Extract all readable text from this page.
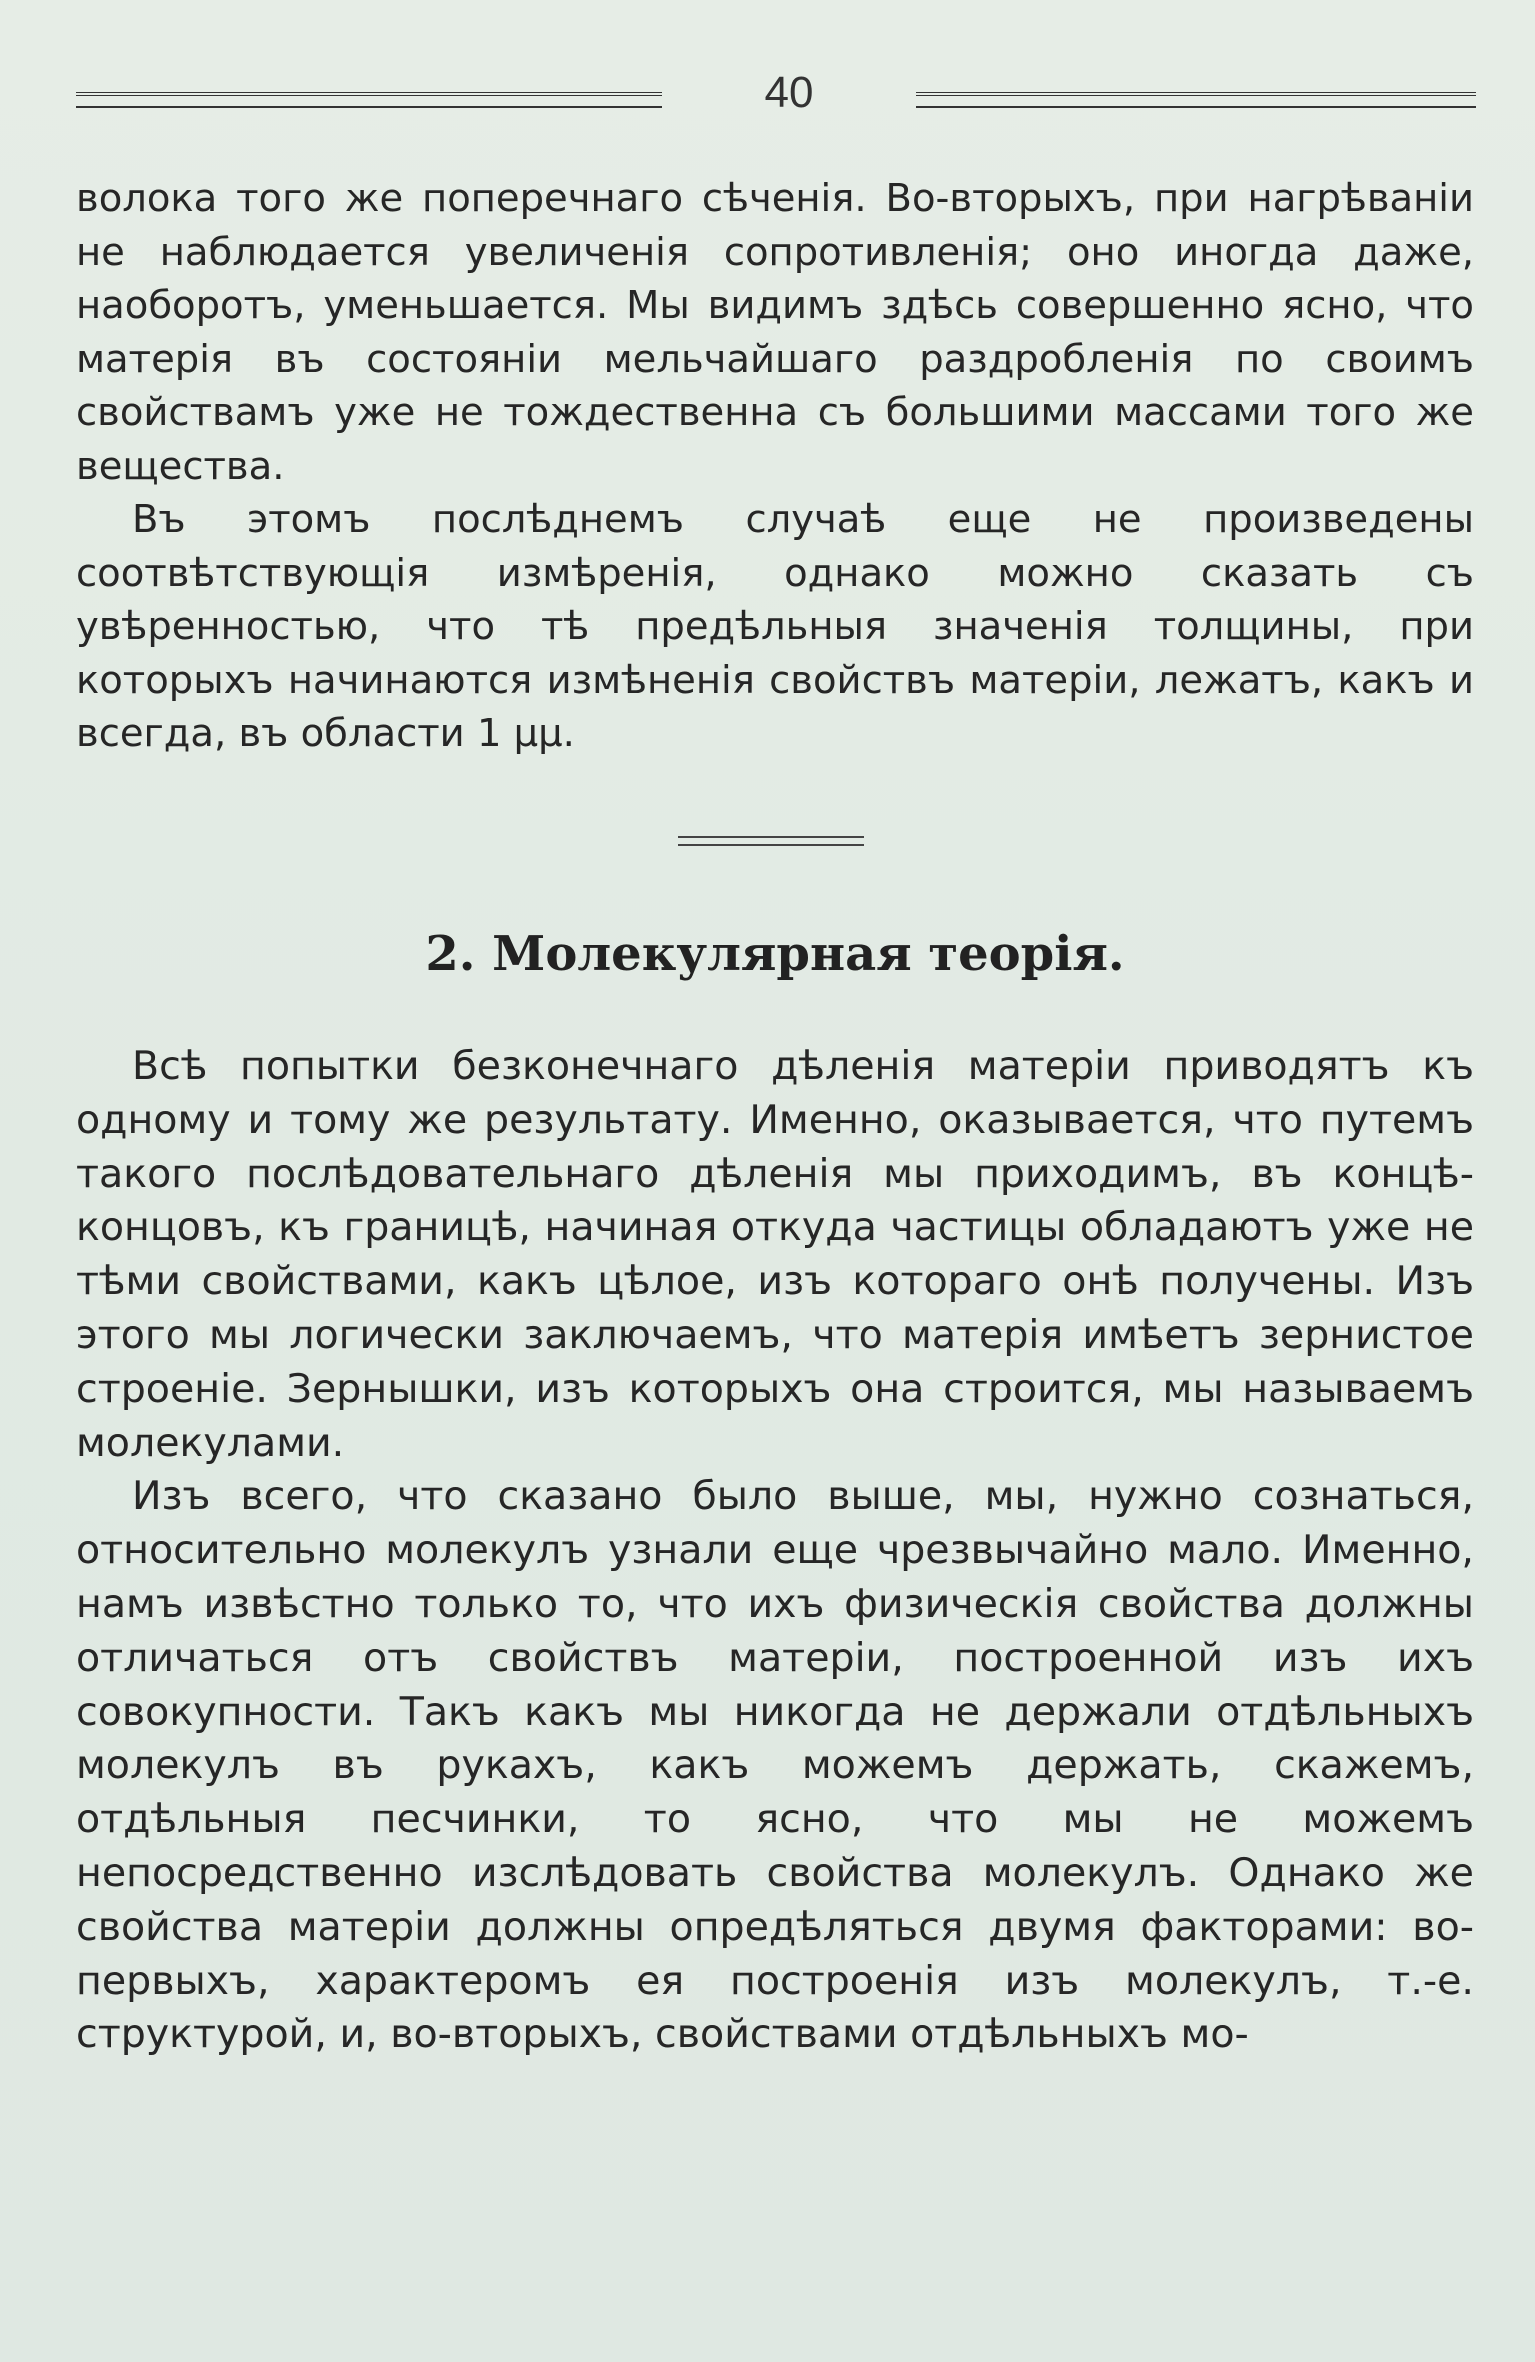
40

волока того же поперечнаго сѣченія. Во-вторыхъ, при нагрѣваніи не наблюдается увеличенія сопротивленія; оно иногда даже, наоборотъ, уменьшается. Мы видимъ здѣсь совершенно ясно, что матерія въ состояніи мельчайшаго раздробленія по своимъ свойствамъ уже не тождественна съ большими массами того же вещества.

Въ этомъ послѣднемъ случаѣ еще не произведены соотвѣтствующія измѣренія, однако можно сказать съ увѣренностью, что тѣ предѣльныя значенія толщины, при которыхъ начинаются измѣненія свойствъ матеріи, лежатъ, какъ и всегда, въ области 1 μμ.

2. Молекулярная теорія.

Всѣ попытки безконечнаго дѣленія матеріи приводятъ къ одному и тому же результату. Именно, оказывается, что путемъ такого послѣдовательнаго дѣленія мы приходимъ, въ концѣ-концовъ, къ границѣ, начиная откуда частицы обладаютъ уже не тѣми свойствами, какъ цѣлое, изъ котораго онѣ получены. Изъ этого мы логически заключаемъ, что матерія имѣетъ зернистое строеніе. Зернышки, изъ которыхъ она строится, мы называемъ молекулами.

Изъ всего, что сказано было выше, мы, нужно сознаться, относительно молекулъ узнали еще чрезвычайно мало. Именно, намъ извѣстно только то, что ихъ физическія свойства должны отличаться отъ свойствъ матеріи, построенной изъ ихъ совокупности. Такъ какъ мы никогда не держали отдѣльныхъ молекулъ въ рукахъ, какъ можемъ держать, скажемъ, отдѣльныя песчинки, то ясно, что мы не можемъ непосредственно изслѣдовать свойства молекулъ. Однако же свойства матеріи должны опредѣляться двумя факторами: во-первыхъ, характеромъ ея построенія изъ молекулъ, т.-е. структурой, и, во-вторыхъ, свойствами отдѣльныхъ мо-
